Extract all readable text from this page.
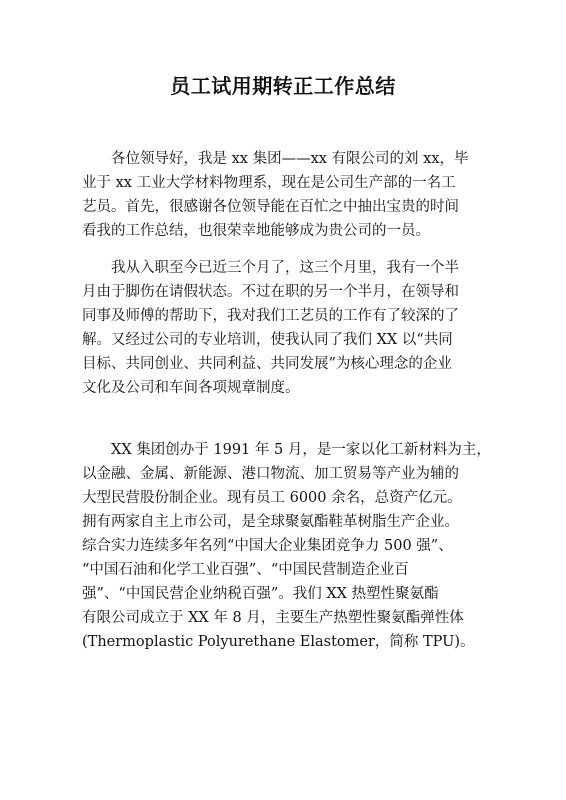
员工试用期转正工作总结
　　各位领导好，我是 xx 集团——xx 有限公司的刘 xx，毕
业于 xx 工业大学材料物理系，现在是公司生产部的一名工
艺员。首先，很感谢各位领导能在百忙之中抽出宝贵的时间
看我的工作总结，也很荣幸地能够成为贵公司的一员。
　　我从入职至今已近三个月了，这三个月里，我有一个半
月由于脚伤在请假状态。不过在职的另一个半月，在领导和
同事及师傅的帮助下，我对我们工艺员的工作有了较深的了
解。又经过公司的专业培训，使我认同了我们 XX 以“共同
目标、共同创业、共同利益、共同发展”为核心理念的企业
文化及公司和车间各项规章制度。
　　XX 集团创办于 1991 年 5 月，是一家以化工新材料为主，
以金融、金属、新能源、港口物流、加工贸易等产业为辅的
大型民营股份制企业。现有员工 6000 余名，总资产亿元。
拥有两家自主上市公司，是全球聚氨酯鞋革树脂生产企业。
综合实力连续多年名列“中国大企业集团竞争力 500 强”、
“中国石油和化学工业百强”、“中国民营制造企业百
强”、“中国民营企业纳税百强”。我们 XX 热塑性聚氨酯
有限公司成立于 XX 年 8 月，主要生产热塑性聚氨酯弹性体
(Thermoplastic Polyurethane Elastomer，简称 TPU)。
